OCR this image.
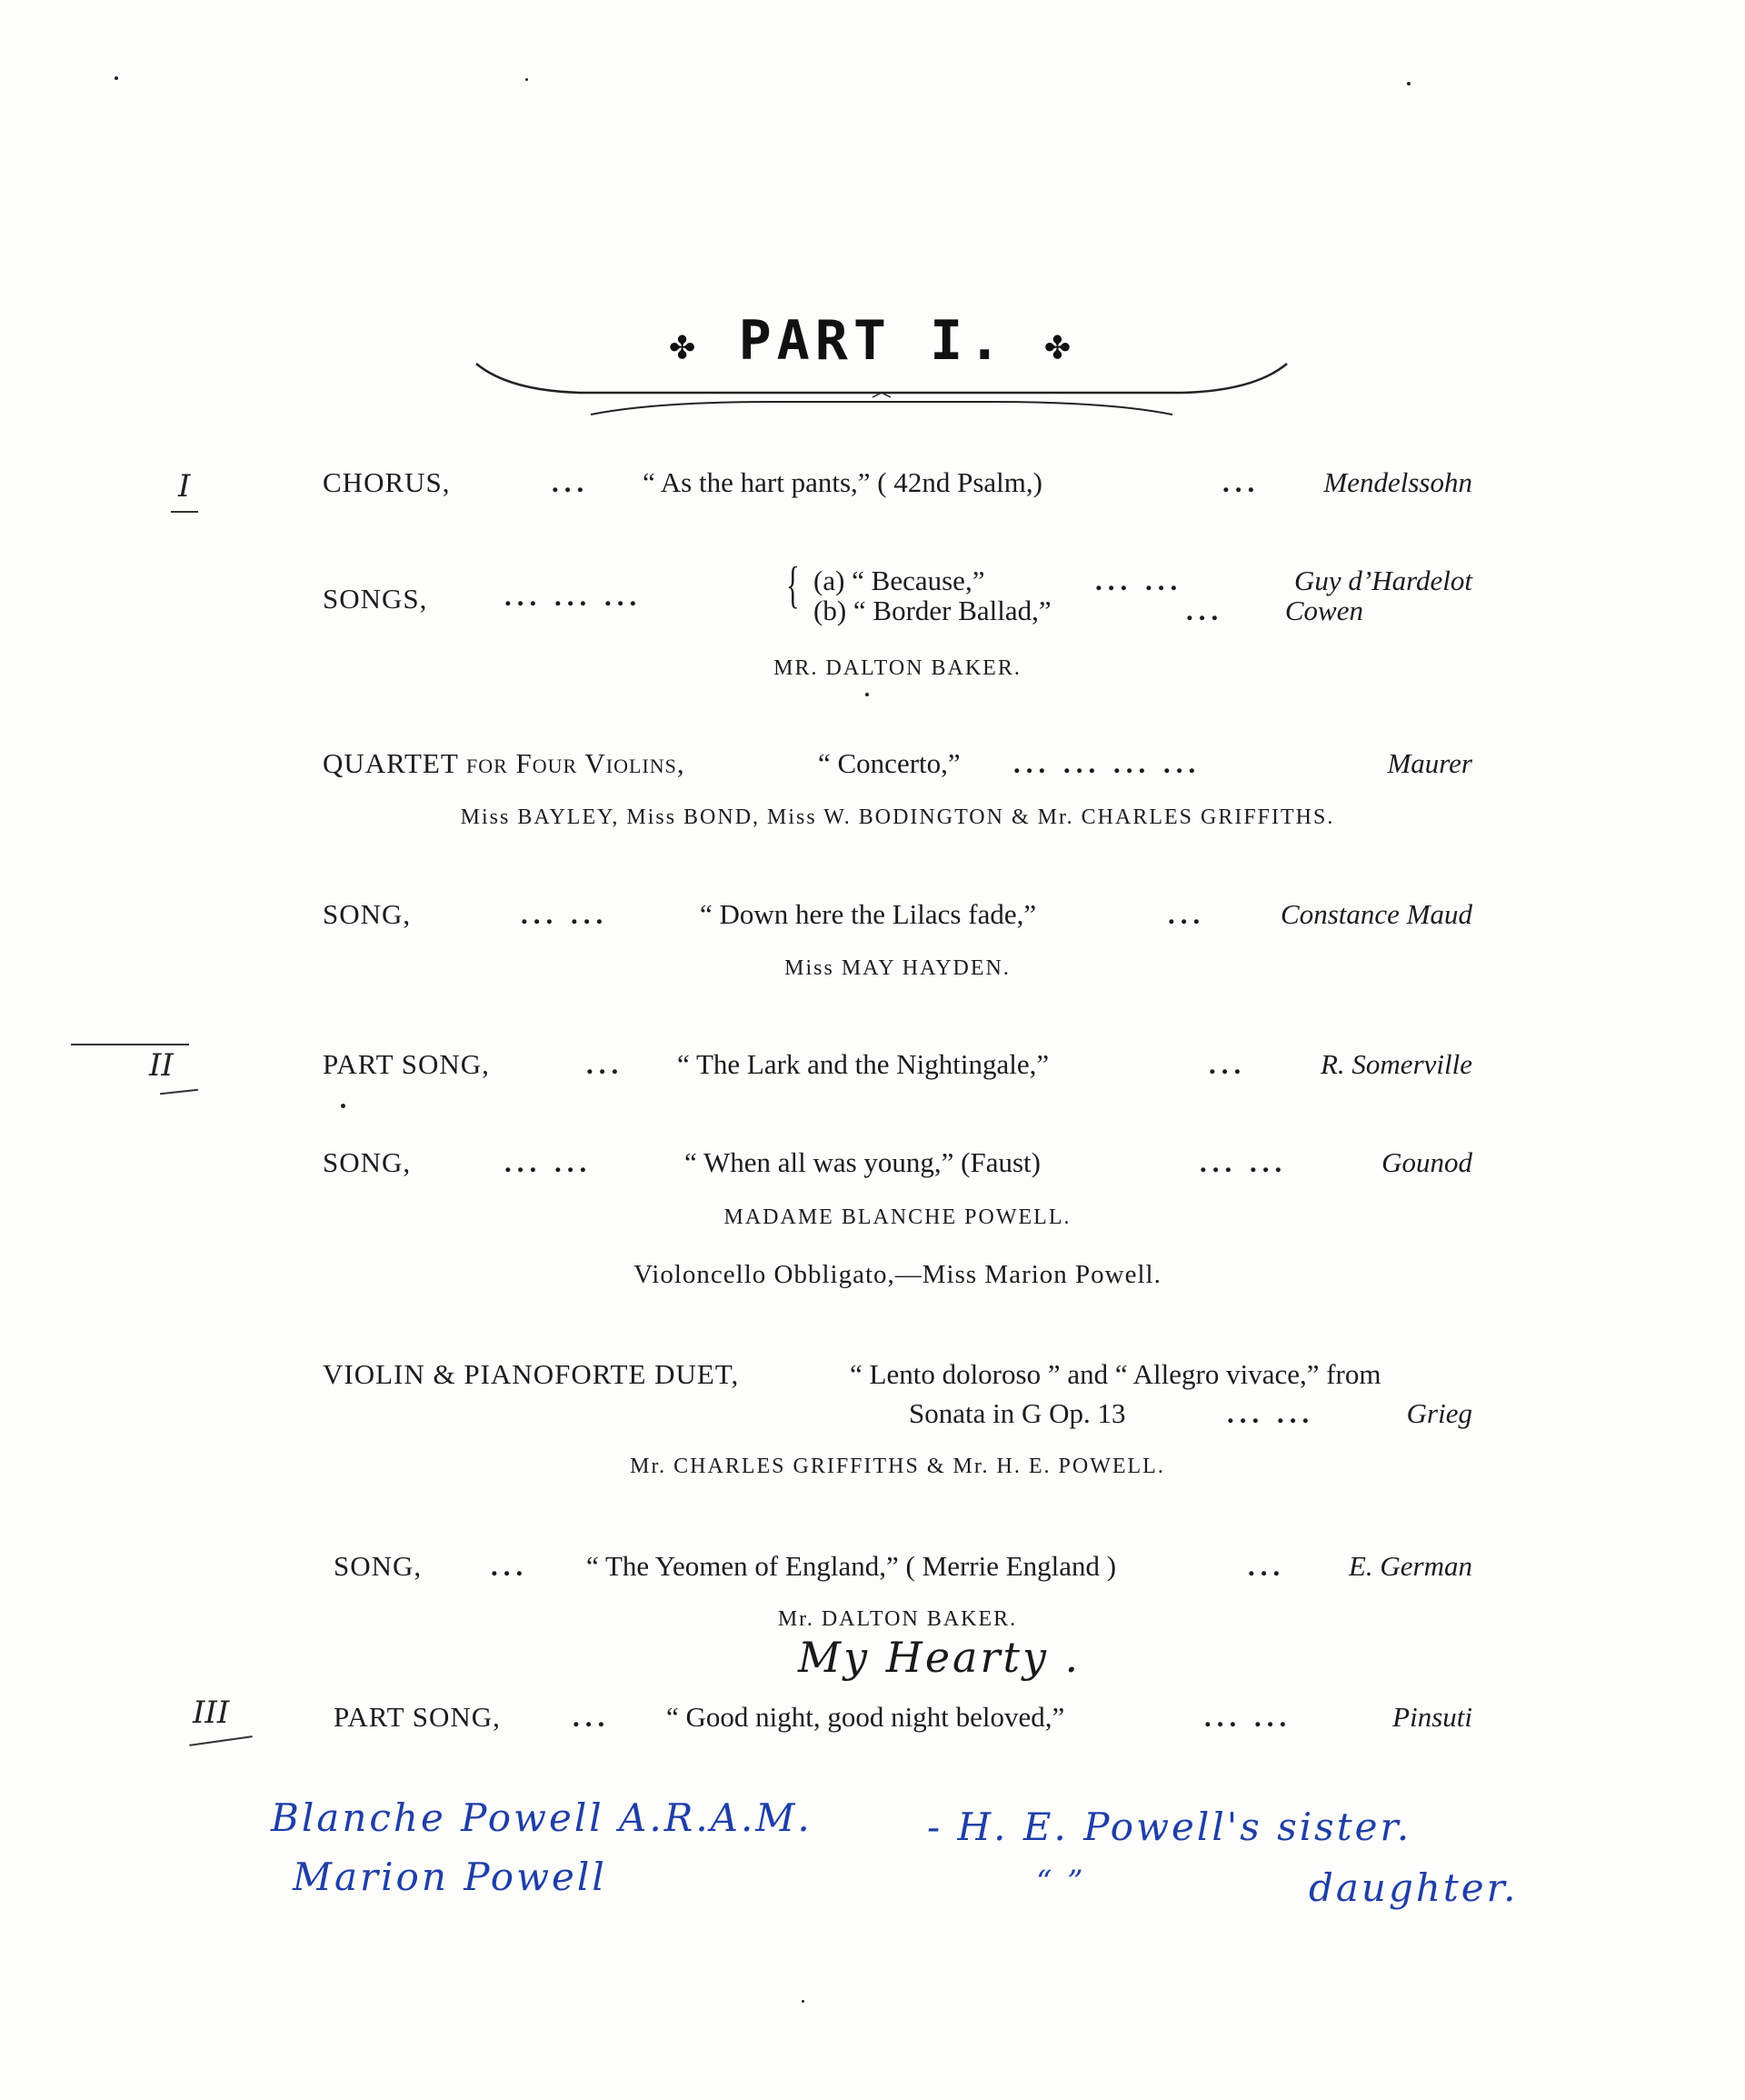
✤ PART I. ✤
I
II
III
CHORUS,	... “ As the hart pants,” ( 42nd Psalm,)	... Mendelssohn
SONGS,	... ... ...	{ (a) “ Because,”	... ...	Guy d’Hardelot
(b) “ Border Ballad,”	... Cowen
MR. DALTON BAKER.
QUARTET for Four Violins,	“ Concerto,” ... ... ... ...	Maurer
Miss BAYLEY, Miss BOND, Miss W. BODINGTON & Mr. CHARLES GRIFFITHS.
SONG,	... ...	“ Down here the Lilacs fade,”	...	Constance Maud
Miss MAY HAYDEN.
PART SONG,	... “ The Lark and the Nightingale,”	...	R. Somerville
SONG,	... ...	“ When all was young,” (Faust)	... ...	Gounod
MADAME BLANCHE POWELL.
Violoncello Obbligato,—Miss Marion Powell.
VIOLIN & PIANOFORTE DUET,	“ Lento doloroso ” and “ Allegro vivace,” from
Sonata in G Op. 13	... ...	Grieg
Mr. CHARLES GRIFFITHS & Mr. H. E. POWELL.
SONG, ... “ The Yeomen of England,” ( Merrie England )	... E. German
Mr. DALTON BAKER.
My Hearty .
PART SONG,	... “ Good night, good night beloved,”	... ...	Pinsuti
Blanche Powell A.R.A.M.	- H. E. Powell's sister.
Marion Powell	“ ”	daughter.
